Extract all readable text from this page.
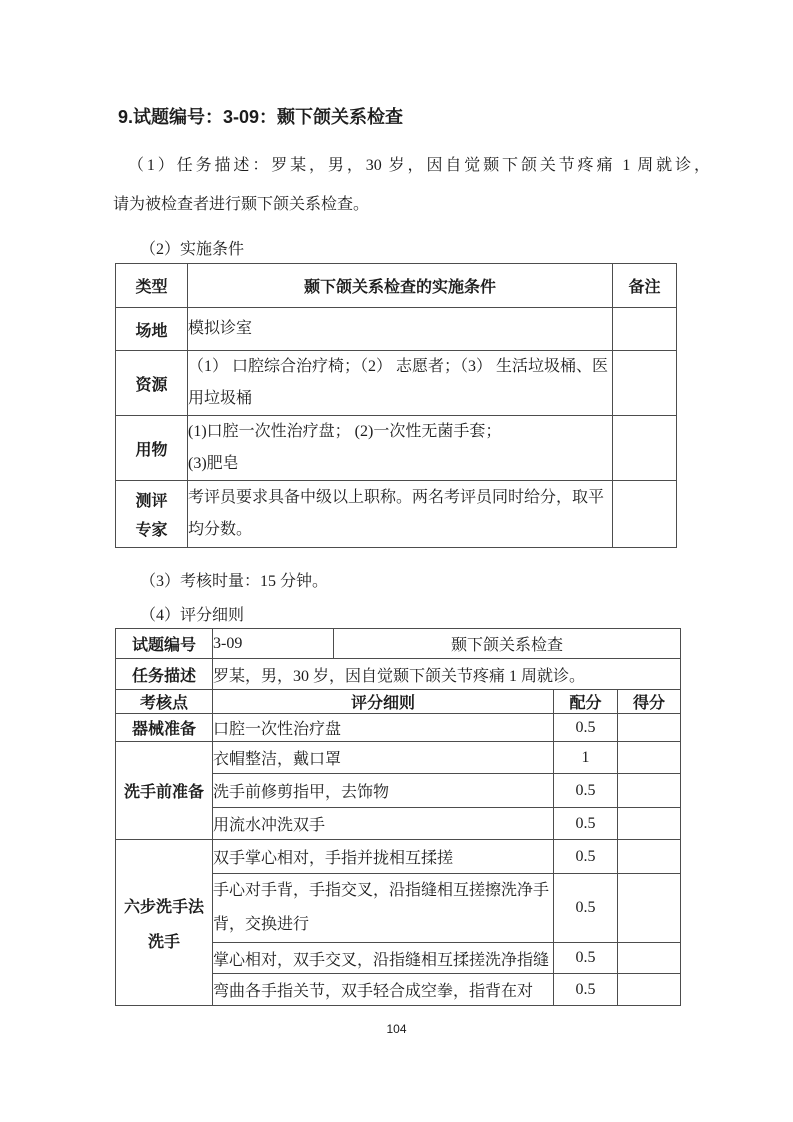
9.试题编号：3-09：颞下颌关系检查
（1）任务描述：罗某，男，30 岁，因自觉颞下颌关节疼痛 1 周就诊，
请为被检查者进行颞下颌关系检查。
（2）实施条件
类型	颞下颌关系检查的实施条件	备注
场地	模拟诊室	
资源	（1） 口腔综合治疗椅；（2） 志愿者；（3） 生活垃圾桶、医用垃圾桶	
用物	(1)口腔一次性治疗盘； (2)一次性无菌手套；
(3)肥皂	

测评
专家	考评员要求具备中级以上职称。两名考评员同时给分，取平均分数。	
（3）考核时量：15 分钟。
（4）评分细则
试题编号	3-09	颞下颌关系检查		
任务描述	罗某，男，30 岁，因自觉颞下颌关节疼痛 1 周就诊。			
考核点	评分细则		配分	得分
器械准备	口腔一次性治疗盘		0.5	
洗手前准备	衣帽整洁，戴口罩		1	
	洗手前修剪指甲，去饰物		0.5	
	用流水冲洗双手		0.5	

六步洗手法
洗手	双手掌心相对，手指并拢相互揉搓		0.5	
	手心对手背，手指交叉，沿指缝相互搓擦洗净手背，交换进行		0.5	
	掌心相对，双手交叉，沿指缝相互揉搓洗净指缝		0.5	
	弯曲各手指关节，双手轻合成空拳，指背在对		0.5	
104
